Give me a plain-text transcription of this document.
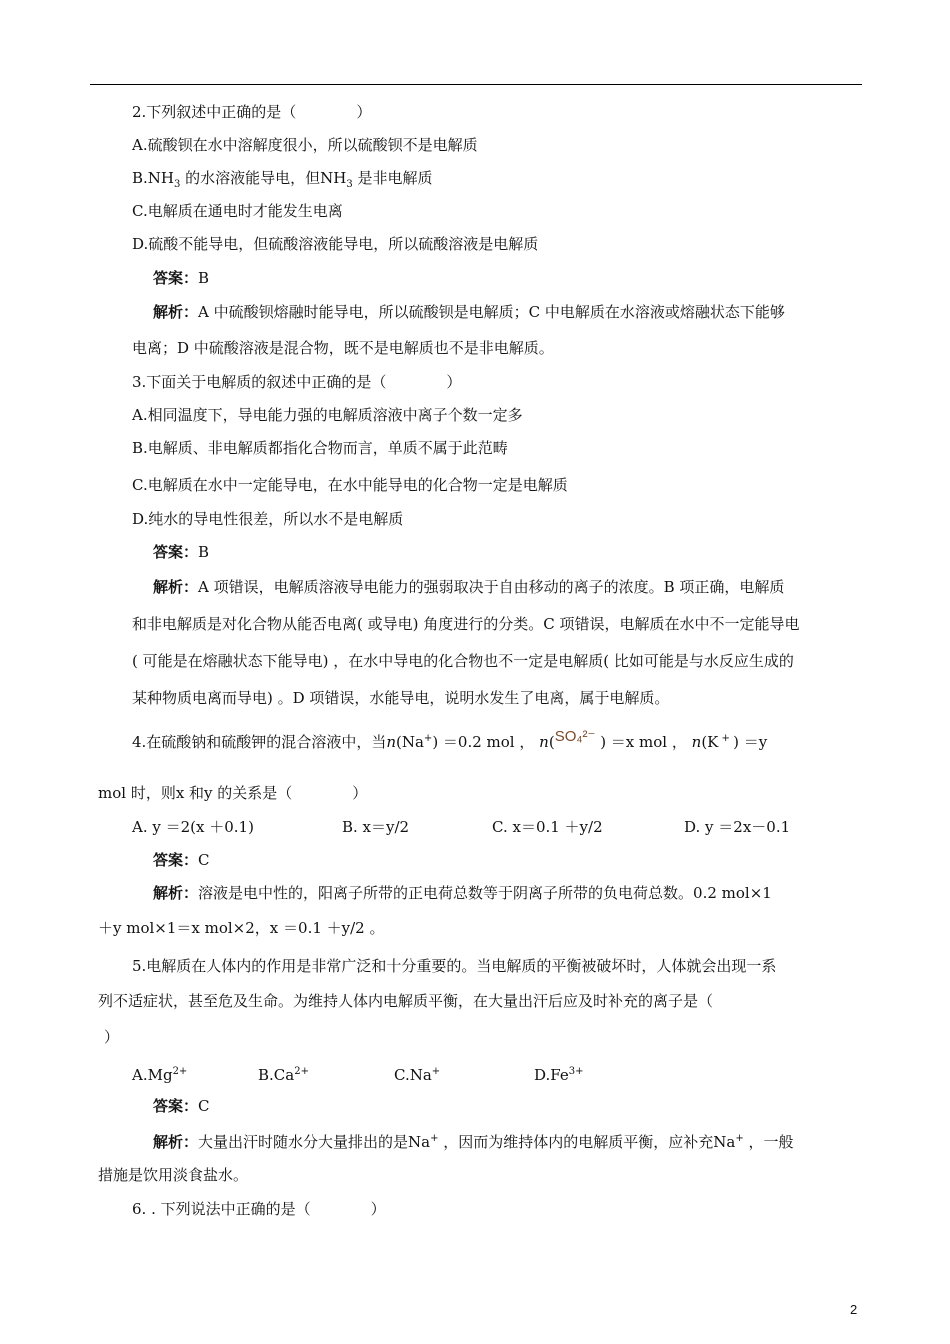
2.下列叙述中正确的是（　　　　）
A.硫酸钡在水中溶解度很小，所以硫酸钡不是电解质
$B.NH_3$ 的水溶液能导电，但$NH_3$ 是非电解质
C.电解质在通电时才能发生电离
D.硫酸不能导电，但硫酸溶液能导电，所以硫酸溶液是电解质
答案：B
解析：A 中硫酸钡熔融时能导电，所以硫酸钡是电解质；C 中电解质在水溶液或熔融状态下能够
电离；D 中硫酸溶液是混合物，既不是电解质也不是非电解质。
3.下面关于电解质的叙述中正确的是（　　　　）
A.相同温度下，导电能力强的电解质溶液中离子个数一定多
B.电解质、非电解质都指化合物而言，单质不属于此范畴
C.电解质在水中一定能导电，在水中能导电的化合物一定是电解质
D.纯水的导电性很差，所以水不是电解质
答案：B
解析：A 项错误，电解质溶液导电能力的强弱取决于自由移动的离子的浓度。B 项正确，电解质
和非电解质是对化合物从能否电离( 或导电) 角度进行的分类。C 项错误，电解质在水中不一定能导电
( 可能是在熔融状态下能导电) ，在水中导电的化合物也不一定是电解质( 比如可能是与水反应生成的
某种物质电离而导电) 。D 项错误，水能导电，说明水发生了电离，属于电解质。
4.在硫酸钠和硫酸钾的混合溶液中，当n(Na+) ＝0.2 mol ， n(SO₄²⁻ ) ＝x mol ， n(K + ) ＝y
mol 时，则x 和y 的关系是（　　　　）
A. y ＝2(x ＋0.1)	B. x＝y/2	C. x＝0.1 ＋y/2	D. y ＝2x－0.1
答案：C
解析：溶液是电中性的，阳离子所带的正电荷总数等于阴离子所带的负电荷总数。0.2 mol×1
＋y mol×1＝x mol×2，x ＝0.1 ＋y/2 。
5.电解质在人体内的作用是非常广泛和十分重要的。当电解质的平衡被破坏时，人体就会出现一系
列不适症状，甚至危及生命。为维持人体内电解质平衡，在大量出汗后应及时补充的离子是（
）
$A.Mg^{2+}$	$B.Ca^{2+}$	C.Na+	$D.Fe^{3+}$
答案：C
解析：大量出汗时随水分大量排出的是Na+ ，因而为维持体内的电解质平衡，应补充Na+ ，一般
措施是饮用淡食盐水。
6. . 下列说法中正确的是（　　　　）
2
